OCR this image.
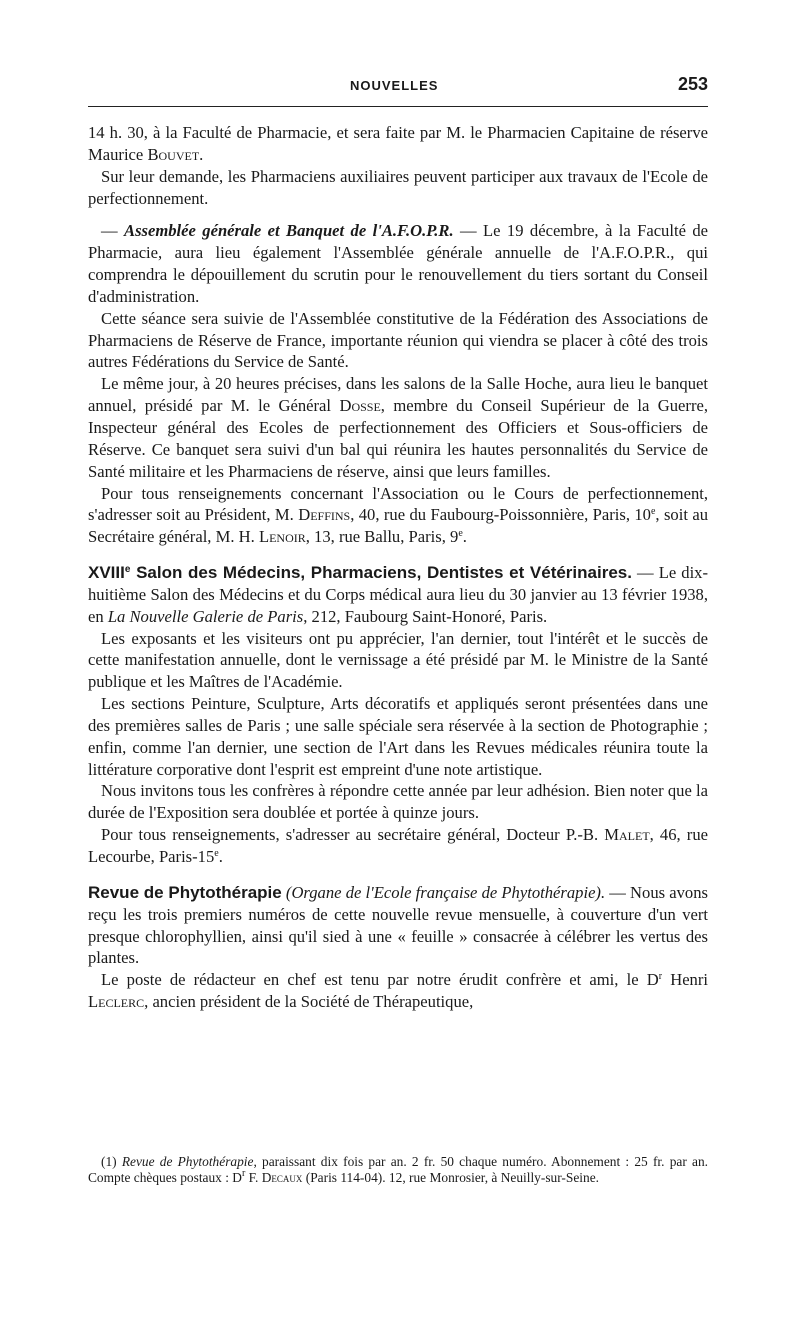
NOUVELLES	253

14 h. 30, à la Faculté de Pharmacie, et sera faite par M. le Pharmacien Capitaine de réserve Maurice Bouvet.

Sur leur demande, les Pharmaciens auxiliaires peuvent participer aux travaux de l'Ecole de perfectionnement.

— Assemblée générale et Banquet de l'A.F.O.P.R. — Le 19 décembre, à la Faculté de Pharmacie, aura lieu également l'Assemblée générale annuelle de l'A.F.O.P.R., qui comprendra le dépouillement du scrutin pour le renouvellement du tiers sortant du Conseil d'administration.

Cette séance sera suivie de l'Assemblée constitutive de la Fédération des Associations de Pharmaciens de Réserve de France, importante réunion qui viendra se placer à côté des trois autres Fédérations du Service de Santé.

Le même jour, à 20 heures précises, dans les salons de la Salle Hoche, aura lieu le banquet annuel, présidé par M. le Général Dosse, membre du Conseil Supérieur de la Guerre, Inspecteur général des Ecoles de perfectionnement des Officiers et Sous-officiers de Réserve. Ce banquet sera suivi d'un bal qui réunira les hautes personnalités du Service de Santé militaire et les Pharmaciens de réserve, ainsi que leurs familles.

Pour tous renseignements concernant l'Association ou le Cours de perfectionnement, s'adresser soit au Président, M. Deffins, 40, rue du Faubourg-Poissonnière, Paris, 10e, soit au Secrétaire général, M. H. Lenoir, 13, rue Ballu, Paris, 9e.

XVIIIe Salon des Médecins, Pharmaciens, Dentistes et Vétérinaires. — Le dix-huitième Salon des Médecins et du Corps médical aura lieu du 30 janvier au 13 février 1938, en La Nouvelle Galerie de Paris, 212, Faubourg Saint-Honoré, Paris.

Les exposants et les visiteurs ont pu apprécier, l'an dernier, tout l'intérêt et le succès de cette manifestation annuelle, dont le vernissage a été présidé par M. le Ministre de la Santé publique et les Maîtres de l'Académie.

Les sections Peinture, Sculpture, Arts décoratifs et appliqués seront présentées dans une des premières salles de Paris ; une salle spéciale sera réservée à la section de Photographie ; enfin, comme l'an dernier, une section de l'Art dans les Revues médicales réunira toute la littérature corporative dont l'esprit est empreint d'une note artistique.

Nous invitons tous les confrères à répondre cette année par leur adhésion. Bien noter que la durée de l'Exposition sera doublée et portée à quinze jours.

Pour tous renseignements, s'adresser au secrétaire général, Docteur P.-B. Malet, 46, rue Lecourbe, Paris-15e.

Revue de Phytothérapie (Organe de l'Ecole française de Phytothérapie). — Nous avons reçu les trois premiers numéros de cette nouvelle revue mensuelle, à couverture d'un vert presque chlorophyllien, ainsi qu'il sied à une « feuille » consacrée à célébrer les vertus des plantes.

Le poste de rédacteur en chef est tenu par notre érudit confrère et ami, le $D^r$ Henri Leclerc, ancien président de la Société de Thérapeutique,

(1) Revue de Phytothérapie, paraissant dix fois par an. 2 fr. 50 chaque numéro. Abonnement : 25 fr. par an. Compte chèques postaux : $D^r$ F. Decaux (Paris 114-04). 12, rue Monrosier, à Neuilly-sur-Seine.
